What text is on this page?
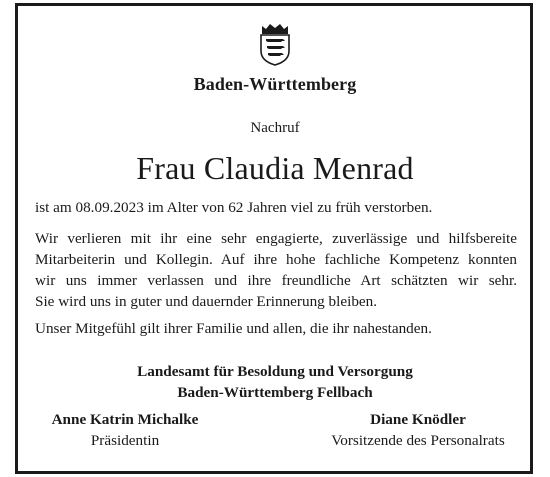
Baden-Württemberg
Nachruf
Frau Claudia Menrad

ist am 08.09.2023 im Alter von 62 Jahren viel zu früh verstorben.

Wir verlieren mit ihr eine sehr engagierte, zuverlässige und hilfsbereite
Mitarbeiterin und Kollegin. Auf ihre hohe fachliche Kompetenz konnten
wir uns immer verlassen und ihre freundliche Art schätzten wir sehr.
Sie wird uns in guter und dauernder Erinnerung bleiben.

Unser Mitgefühl gilt ihrer Familie und allen, die ihr nahestanden.

Landesamt für Besoldung und Versorgung
Baden-Württemberg Fellbach
Anne Katrin Michalke
Präsidentin
Diane Knödler
Vorsitzende des Personalrats
